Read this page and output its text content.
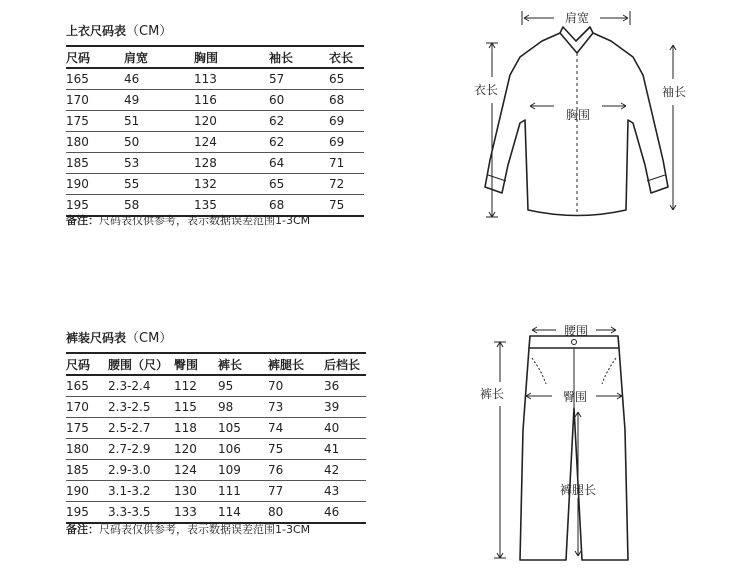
上衣尺码表（CM）
尺码	肩宽	胸围	袖长	衣长
165	46	113	57	65
170	49	116	60	68
175	51	120	62	69
180	50	124	62	69
185	53	128	64	71
190	55	132	65	72
195	58	135	68	75
备注：尺码表仅供参考，表示数据误差范围1-3CM
肩宽
衣长	袖长
胸围
裤装尺码表（CM）
尺码	腰围（尺）	臀围	裤长	裤腿长	后档长
165	2.3-2.4	112	95	70	36
170	2.3-2.5	115	98	73	39
175	2.5-2.7	118	105	74	40
180	2.7-2.9	120	106	75	41
185	2.9-3.0	124	109	76	42
190	3.1-3.2	130	111	77	43
195	3.3-3.5	133	114	80	46
备注：尺码表仅供参考，表示数据误差范围1-3CM
腰围
裤长	臀围
裤腿长
